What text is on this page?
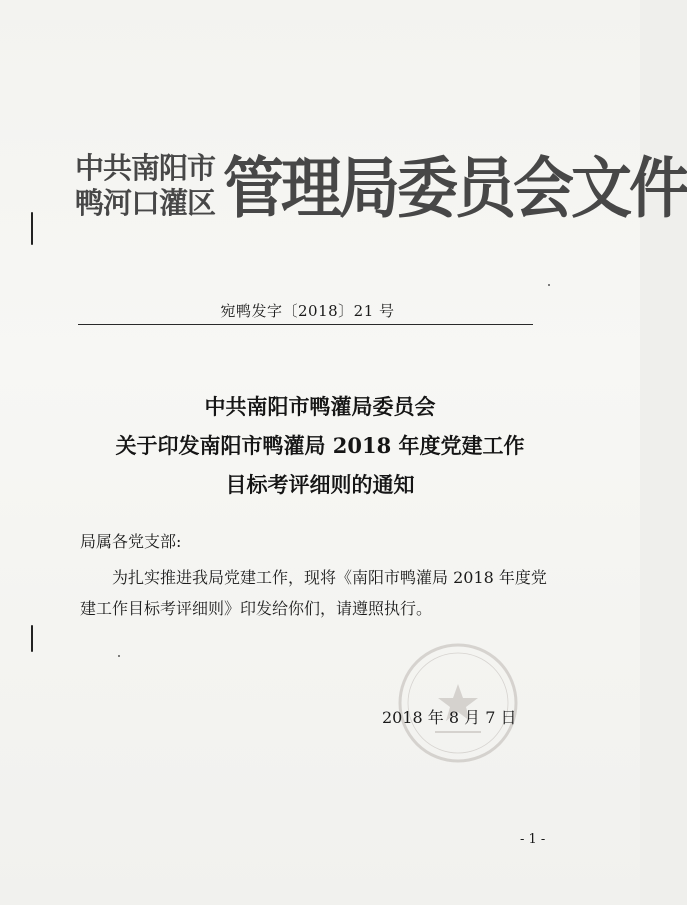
中共南阳市
鸭河口灌区 管理局委员会文件
宛鸭发字〔2018〕21 号
中共南阳市鸭灌局委员会
关于印发南阳市鸭灌局 2018 年度党建工作
目标考评细则的通知
局属各党支部:

为扎实推进我局党建工作，现将《南阳市鸭灌局 2018 年度党建工作目标考评细则》印发给你们，请遵照执行。

2018 年 8 月 7 日
- 1 -
